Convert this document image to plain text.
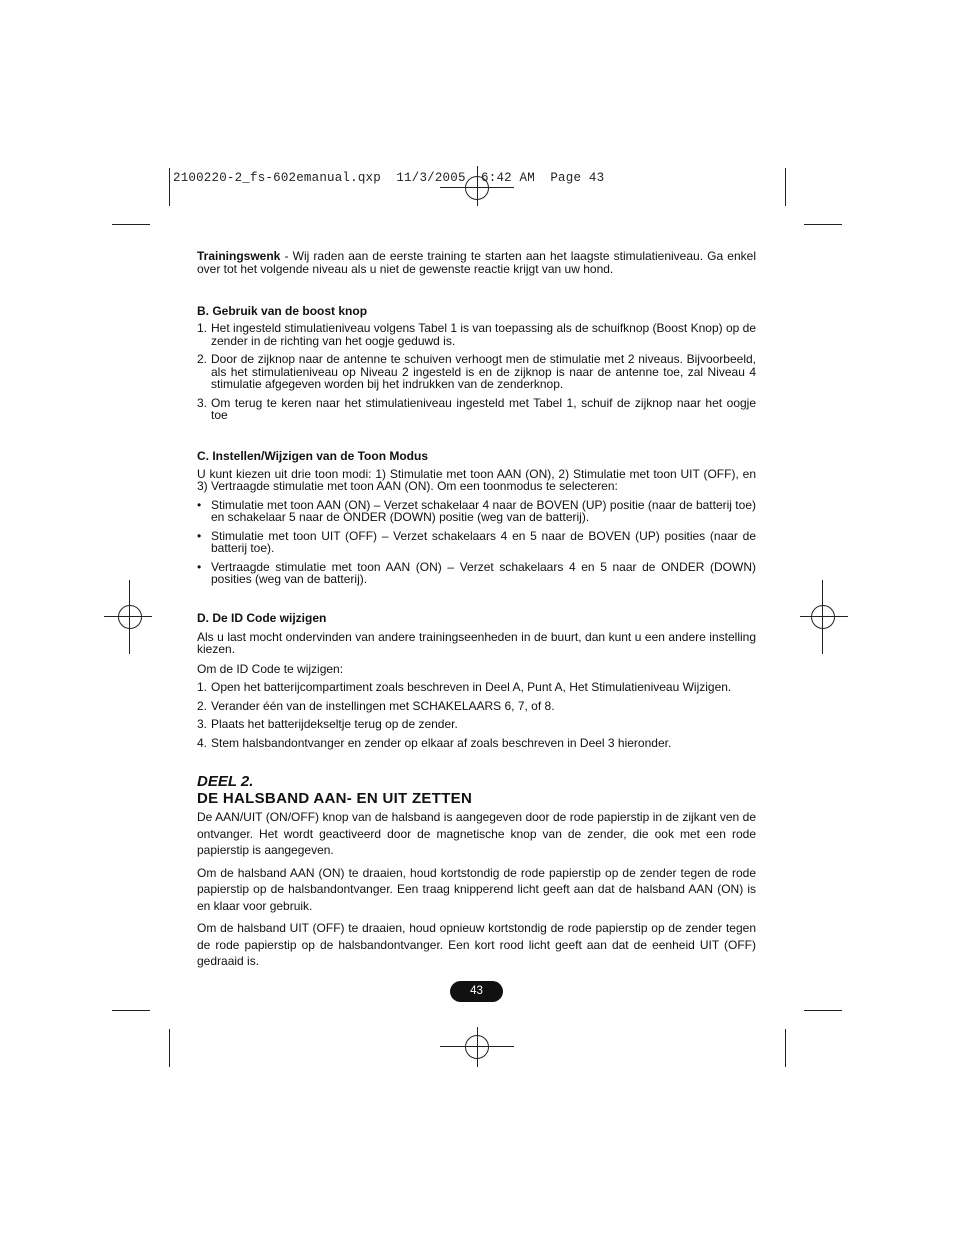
2100220-2_fs-602emanual.qxp  11/3/2005  6:42 AM  Page 43

Trainingswenk - Wij raden aan de eerste training te starten aan het laagste stimulatieniveau. Ga enkel over tot het volgende niveau als u niet de gewenste reactie krijgt van uw hond.

B. Gebruik van de boost knop
1. Het ingesteld stimulatieniveau volgens Tabel 1 is van toepassing als de schuifknop (Boost Knop) op de zender in de richting van het oogje geduwd is.
2. Door de zijknop naar de antenne te schuiven verhoogt men de stimulatie met 2 niveaus. Bijvoorbeeld, als het stimulatieniveau op Niveau 2 ingesteld is en de zijknop is naar de antenne toe, zal Niveau 4 stimulatie afgegeven worden bij het indrukken van de zenderknop.
3. Om terug te keren naar het stimulatieniveau ingesteld met Tabel 1, schuif de zijknop naar het oogje toe
C. Instellen/Wijzigen van de Toon Modus

U kunt kiezen uit drie toon modi: 1) Stimulatie met toon AAN (ON), 2) Stimulatie met toon UIT (OFF), en 3) Vertraagde stimulatie met toon AAN (ON). Om een toonmodus te selecteren:

• Stimulatie met toon AAN (ON) – Verzet schakelaar 4 naar de BOVEN (UP) positie (naar de batterij toe) en schakelaar 5 naar de ONDER (DOWN) positie (weg van de batterij).
• Stimulatie met toon UIT (OFF) – Verzet schakelaars 4 en 5 naar de BOVEN (UP) posities (naar de batterij toe).
• Vertraagde stimulatie met toon AAN (ON) – Verzet schakelaars 4 en 5 naar de ONDER (DOWN) posities (weg van de batterij).
D. De ID Code wijzigen

Als u last mocht ondervinden van andere trainingseenheden in de buurt, dan kunt u een andere instelling kiezen.

Om de ID Code te wijzigen:

1. Open het batterijcompartiment zoals beschreven in Deel A, Punt A, Het Stimulatieniveau Wijzigen.
2. Verander één van de instellingen met SCHAKELAARS 6, 7, of 8.
3. Plaats het batterijdekseltje terug op de zender.
4. Stem halsbandontvanger en zender op elkaar af zoals beschreven in Deel 3 hieronder.
DEEL 2.
DE HALSBAND AAN- EN UIT ZETTEN

De AAN/UIT (ON/OFF) knop van de halsband is aangegeven door de rode papierstip in de zijkant ven de ontvanger. Het wordt geactiveerd door de magnetische knop van de zender, die ook met een rode papierstip is aangegeven.

Om de halsband AAN (ON) te draaien, houd kortstondig de rode papierstip op de zender tegen de rode papierstip op de halsbandontvanger. Een traag knipperend licht geeft aan dat de halsband AAN (ON) is en klaar voor gebruik.

Om de halsband UIT (OFF) te draaien, houd opnieuw kortstondig de rode papierstip op de zender tegen de rode papierstip op de halsbandontvanger. Een kort rood licht geeft aan dat de eenheid UIT (OFF) gedraaid is.

43
